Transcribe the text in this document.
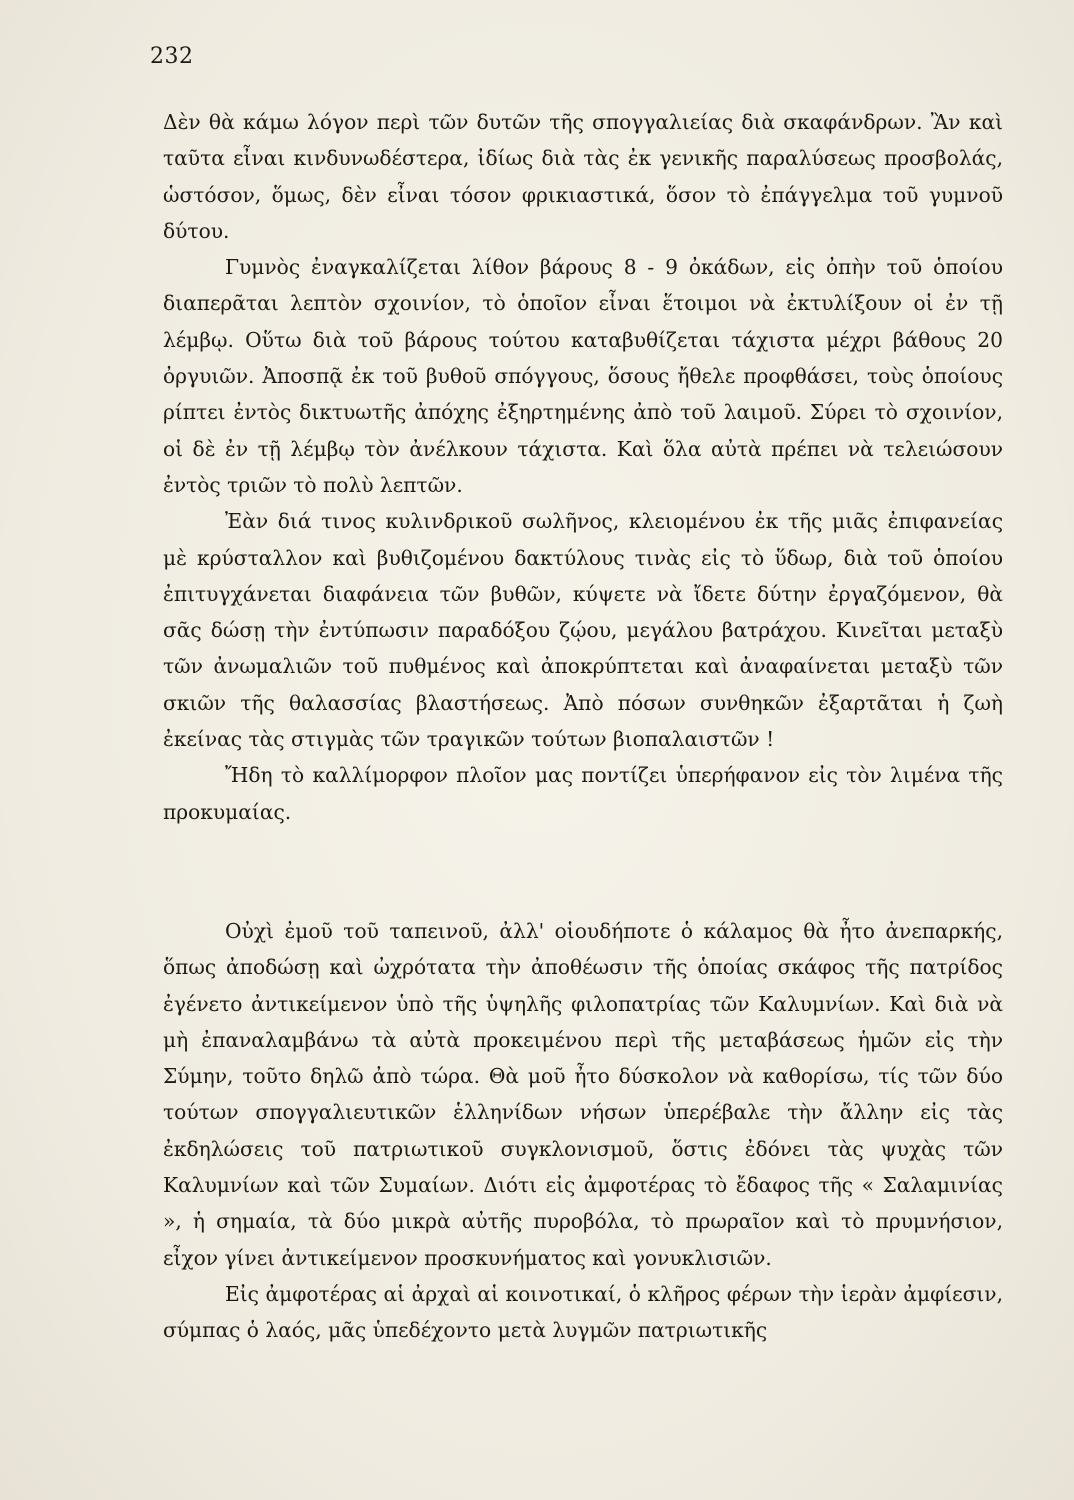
232

Δὲν θὰ κάμω λόγον περὶ τῶν δυτῶν τῆς σπογγαλιείας διὰ σκαφάνδρων. Ἂν καὶ ταῦτα εἶναι κινδυνωδέστερα, ἰδίως διὰ τὰς ἐκ γενικῆς παραλύσεως προσβολάς, ὡστόσον, ὅμως, δὲν εἶναι τόσον φρικιαστικά, ὅσον τὸ ἐπάγγελμα τοῦ γυμνοῦ δύτου.

Γυμνὸς ἐναγκαλίζεται λίθον βάρους 8 - 9 ὀκάδων, εἰς ὀπὴν τοῦ ὁποίου διαπερᾶται λεπτὸν σχοινίον, τὸ ὁποῖον εἶναι ἕτοιμοι νὰ ἐκτυλίξουν οἱ ἐν τῇ λέμβῳ. Οὕτω διὰ τοῦ βάρους τούτου καταβυθίζεται τάχιστα μέχρι βάθους 20 ὀργυιῶν. Ἀποσπᾷ ἐκ τοῦ βυθοῦ σπόγγους, ὅσους ἤθελε προφθάσει, τοὺς ὁποίους ρίπτει ἐντὸς δικτυωτῆς ἀπόχης ἐξηρτημένης ἀπὸ τοῦ λαιμοῦ. Σύρει τὸ σχοινίον, οἱ δὲ ἐν τῇ λέμβῳ τὸν ἀνέλκουν τάχιστα. Καὶ ὅλα αὐτὰ πρέπει νὰ τελειώσουν ἐντὸς τριῶν τὸ πολὺ λεπτῶν.

Ἐὰν διά τινος κυλινδρικοῦ σωλῆνος, κλειομένου ἐκ τῆς μιᾶς ἐπιφανείας μὲ κρύσταλλον καὶ βυθιζομένου δακτύλους τινὰς εἰς τὸ ὕδωρ, διὰ τοῦ ὁποίου ἐπιτυγχάνεται διαφάνεια τῶν βυθῶν, κύψετε νὰ ἴδετε δύτην ἐργαζόμενον, θὰ σᾶς δώσῃ τὴν ἐντύπωσιν παραδόξου ζῴου, μεγάλου βατράχου. Κινεῖται μεταξὺ τῶν ἀνωμαλιῶν τοῦ πυθμένος καὶ ἀποκρύπτεται καὶ ἀναφαίνεται μεταξὺ τῶν σκιῶν τῆς θαλασσίας βλαστήσεως. Ἀπὸ πόσων συνθηκῶν ἐξαρτᾶται ἡ ζωὴ ἐκείνας τὰς στιγμὰς τῶν τραγικῶν τούτων βιοπαλαιστῶν !

Ἤδη τὸ καλλίμορφον πλοῖον μας ποντίζει ὑπερήφανον εἰς τὸν λιμένα τῆς προκυμαίας.

Οὐχὶ ἐμοῦ τοῦ ταπεινοῦ, ἀλλ' οἱουδήποτε ὁ κάλαμος θὰ ἦτο ἀνεπαρκής, ὅπως ἀποδώσῃ καὶ ὠχρότατα τὴν ἀποθέωσιν τῆς ὁποίας σκάφος τῆς πατρίδος ἐγένετο ἀντικείμενον ὑπὸ τῆς ὑψηλῆς φιλοπατρίας τῶν Καλυμνίων. Καὶ διὰ νὰ μὴ ἐπαναλαμβάνω τὰ αὐτὰ προκειμένου περὶ τῆς μεταβάσεως ἡμῶν εἰς τὴν Σύμην, τοῦτο δηλῶ ἀπὸ τώρα. Θὰ μοῦ ἦτο δύσκολον νὰ καθορίσω, τίς τῶν δύο τούτων σπογγαλιευτικῶν ἑλληνίδων νήσων ὑπερέβαλε τὴν ἄλλην εἰς τὰς ἐκδηλώσεις τοῦ πατριωτικοῦ συγκλονισμοῦ, ὅστις ἐδόνει τὰς ψυχὰς τῶν Καλυμνίων καὶ τῶν Συμαίων. Διότι εἰς ἀμφοτέρας τὸ ἔδαφος τῆς « Σαλαμινίας », ἡ σημαία, τὰ δύο μικρὰ αὐτῆς πυροβόλα, τὸ πρωραῖον καὶ τὸ πρυμνήσιον, εἶχον γίνει ἀντικείμενον προσκυνήματος καὶ γονυκλισιῶν.

Εἰς ἀμφοτέρας αἱ ἀρχαὶ αἱ κοινοτικαί, ὁ κλῆρος φέρων τὴν ἱερὰν ἀμφίεσιν, σύμπας ὁ λαός, μᾶς ὑπεδέχοντο μετὰ λυγμῶν πατριωτικῆς
